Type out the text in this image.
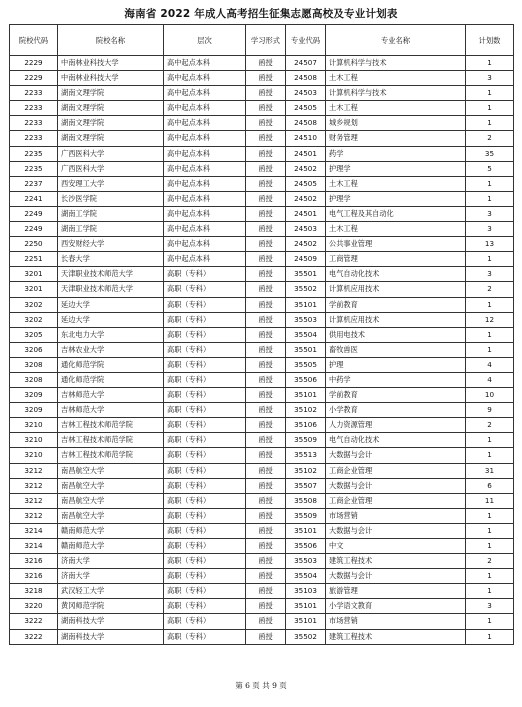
海南省 2022 年成人高考招生征集志愿高校及专业计划表
院校代码	院校名称	层次	学习形式	专业代码	专业名称	计划数
2229	中南林业科技大学	高中起点本科	函授	24507	计算机科学与技术	1
2229	中南林业科技大学	高中起点本科	函授	24508	土木工程	3
2233	湖南文理学院	高中起点本科	函授	24503	计算机科学与技术	1
2233	湖南文理学院	高中起点本科	函授	24505	土木工程	1
2233	湖南文理学院	高中起点本科	函授	24508	城乡规划	1
2233	湖南文理学院	高中起点本科	函授	24510	财务管理	2
2235	广西医科大学	高中起点本科	函授	24501	药学	35
2235	广西医科大学	高中起点本科	函授	24502	护理学	5
2237	西安理工大学	高中起点本科	函授	24505	土木工程	1
2241	长沙医学院	高中起点本科	函授	24502	护理学	1
2249	湖南工学院	高中起点本科	函授	24501	电气工程及其自动化	3
2249	湖南工学院	高中起点本科	函授	24503	土木工程	3
2250	西安财经大学	高中起点本科	函授	24502	公共事业管理	13
2251	长春大学	高中起点本科	函授	24509	工商管理	1
3201	天津职业技术师范大学	高职（专科）	函授	35501	电气自动化技术	3
3201	天津职业技术师范大学	高职（专科）	函授	35502	计算机应用技术	2
3202	延边大学	高职（专科）	函授	35101	学前教育	1
3202	延边大学	高职（专科）	函授	35503	计算机应用技术	12
3205	东北电力大学	高职（专科）	函授	35504	供用电技术	1
3206	吉林农业大学	高职（专科）	函授	35501	畜牧兽医	1
3208	通化师范学院	高职（专科）	函授	35505	护理	4
3208	通化师范学院	高职（专科）	函授	35506	中药学	4
3209	吉林师范大学	高职（专科）	函授	35101	学前教育	10
3209	吉林师范大学	高职（专科）	函授	35102	小学教育	9
3210	吉林工程技术师范学院	高职（专科）	函授	35106	人力资源管理	2
3210	吉林工程技术师范学院	高职（专科）	函授	35509	电气自动化技术	1
3210	吉林工程技术师范学院	高职（专科）	函授	35513	大数据与会计	1
3212	南昌航空大学	高职（专科）	函授	35102	工商企业管理	31
3212	南昌航空大学	高职（专科）	函授	35507	大数据与会计	6
3212	南昌航空大学	高职（专科）	函授	35508	工商企业管理	11
3212	南昌航空大学	高职（专科）	函授	35509	市场营销	1
3214	赣南师范大学	高职（专科）	函授	35101	大数据与会计	1
3214	赣南师范大学	高职（专科）	函授	35506	中文	1
3216	济南大学	高职（专科）	函授	35503	建筑工程技术	2
3216	济南大学	高职（专科）	函授	35504	大数据与会计	1
3218	武汉轻工大学	高职（专科）	函授	35103	旅游管理	1
3220	黄冈师范学院	高职（专科）	函授	35101	小学语文教育	3
3222	湖南科技大学	高职（专科）	函授	35101	市场营销	1
3222	湖南科技大学	高职（专科）	函授	35502	建筑工程技术	1
第 6 页 共 9 页
